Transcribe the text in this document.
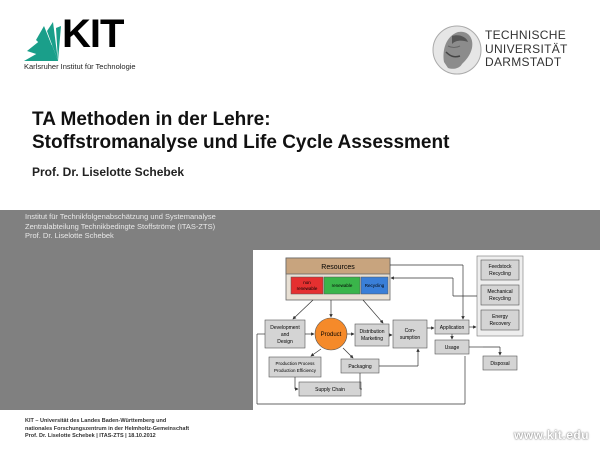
KIT
Karlsruher Institut für Technologie
TECHNISCHE
UNIVERSITÄT
DARMSTADT
TA Methoden in der Lehre:
Stoffstromanalyse und Life Cycle Assessment
Prof. Dr. Liselotte Schebek
Institut für Technikfolgenabschätzung und Systemanalyse
Zentralabteilung Technikbedingte Stoffströme (ITAS-ZTS)
Prof. Dr. Liselotte Schebek
Resources
non
renewable
renewable	Recycling
Development
and
Design
Product	Distribution
Marketing
Con-
sumption
Application
Usage
Production Process
Production Efficiency
Packaging
Supply Chain
Feedstock
Recycling
Mechanical
Recycling
Energy
Recovery
Disposal
KIT – Universität des Landes Baden-Württemberg und
nationales Forschungszentrum in der Helmholtz-Gemeinschaft
Prof. Dr. Liselotte Schebek | ITAS-ZTS | 18.10.2012	www.kit.edu
